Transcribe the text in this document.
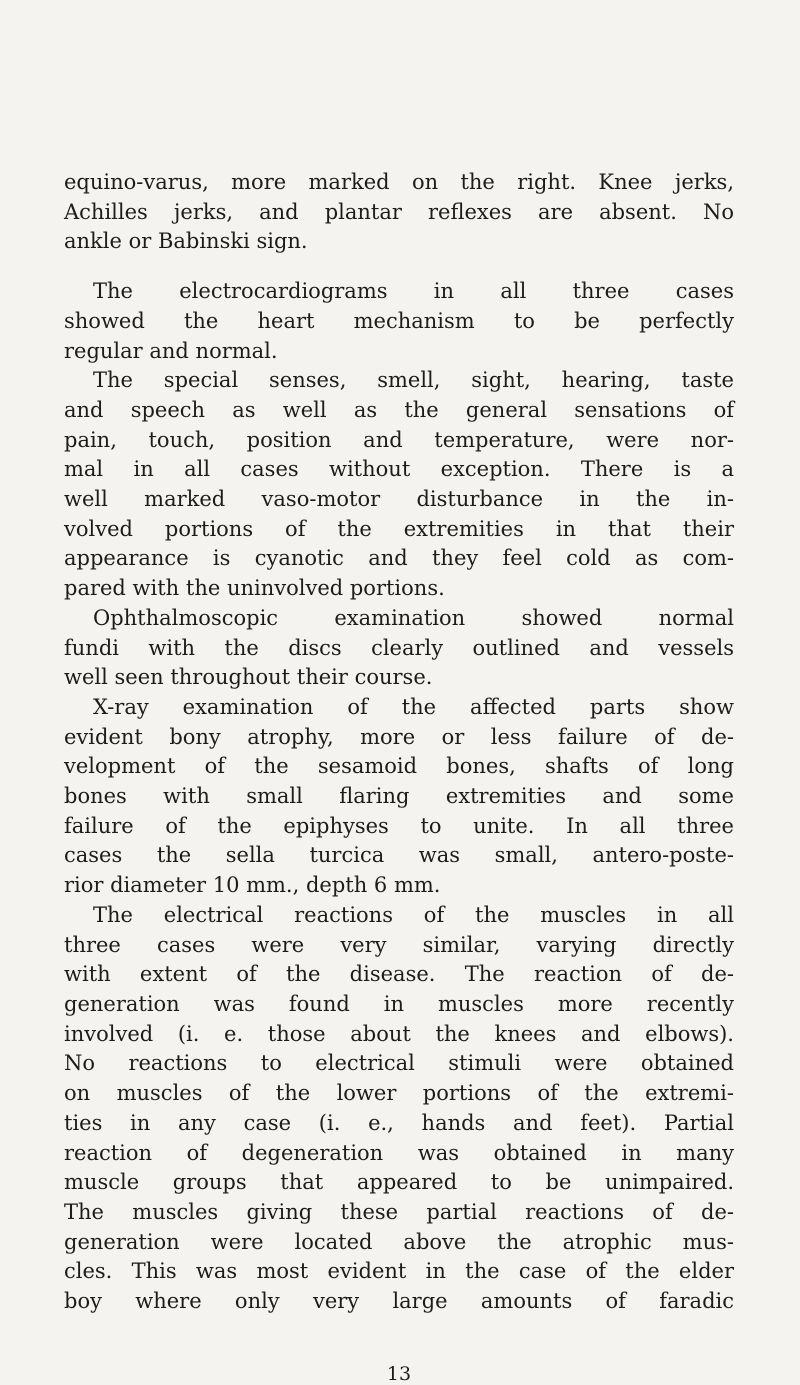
equino-varus, more marked on the right. Knee jerks,
Achilles jerks, and plantar reflexes are absent. No
ankle or Babinski sign.
The electrocardiograms in all three cases
showed the heart mechanism to be perfectly
regular and normal.
The special senses, smell, sight, hearing, taste
and speech as well as the general sensations of
pain, touch, position and temperature, were nor-
mal in all cases without exception. There is a
well marked vaso-motor disturbance in the in-
volved portions of the extremities in that their
appearance is cyanotic and they feel cold as com-
pared with the uninvolved portions.
Ophthalmoscopic examination showed normal
fundi with the discs clearly outlined and vessels
well seen throughout their course.
X-ray examination of the affected parts show
evident bony atrophy, more or less failure of de-
velopment of the sesamoid bones, shafts of long
bones with small flaring extremities and some
failure of the epiphyses to unite. In all three
cases the sella turcica was small, antero-poste-
rior diameter 10 mm., depth 6 mm.
The electrical reactions of the muscles in all
three cases were very similar, varying directly
with extent of the disease. The reaction of de-
generation was found in muscles more recently
involved (i. e. those about the knees and elbows).
No reactions to electrical stimuli were obtained
on muscles of the lower portions of the extremi-
ties in any case (i. e., hands and feet). Partial
reaction of degeneration was obtained in many
muscle groups that appeared to be unimpaired.
The muscles giving these partial reactions of de-
generation were located above the atrophic mus-
cles. This was most evident in the case of the elder
boy where only very large amounts of faradic
13
